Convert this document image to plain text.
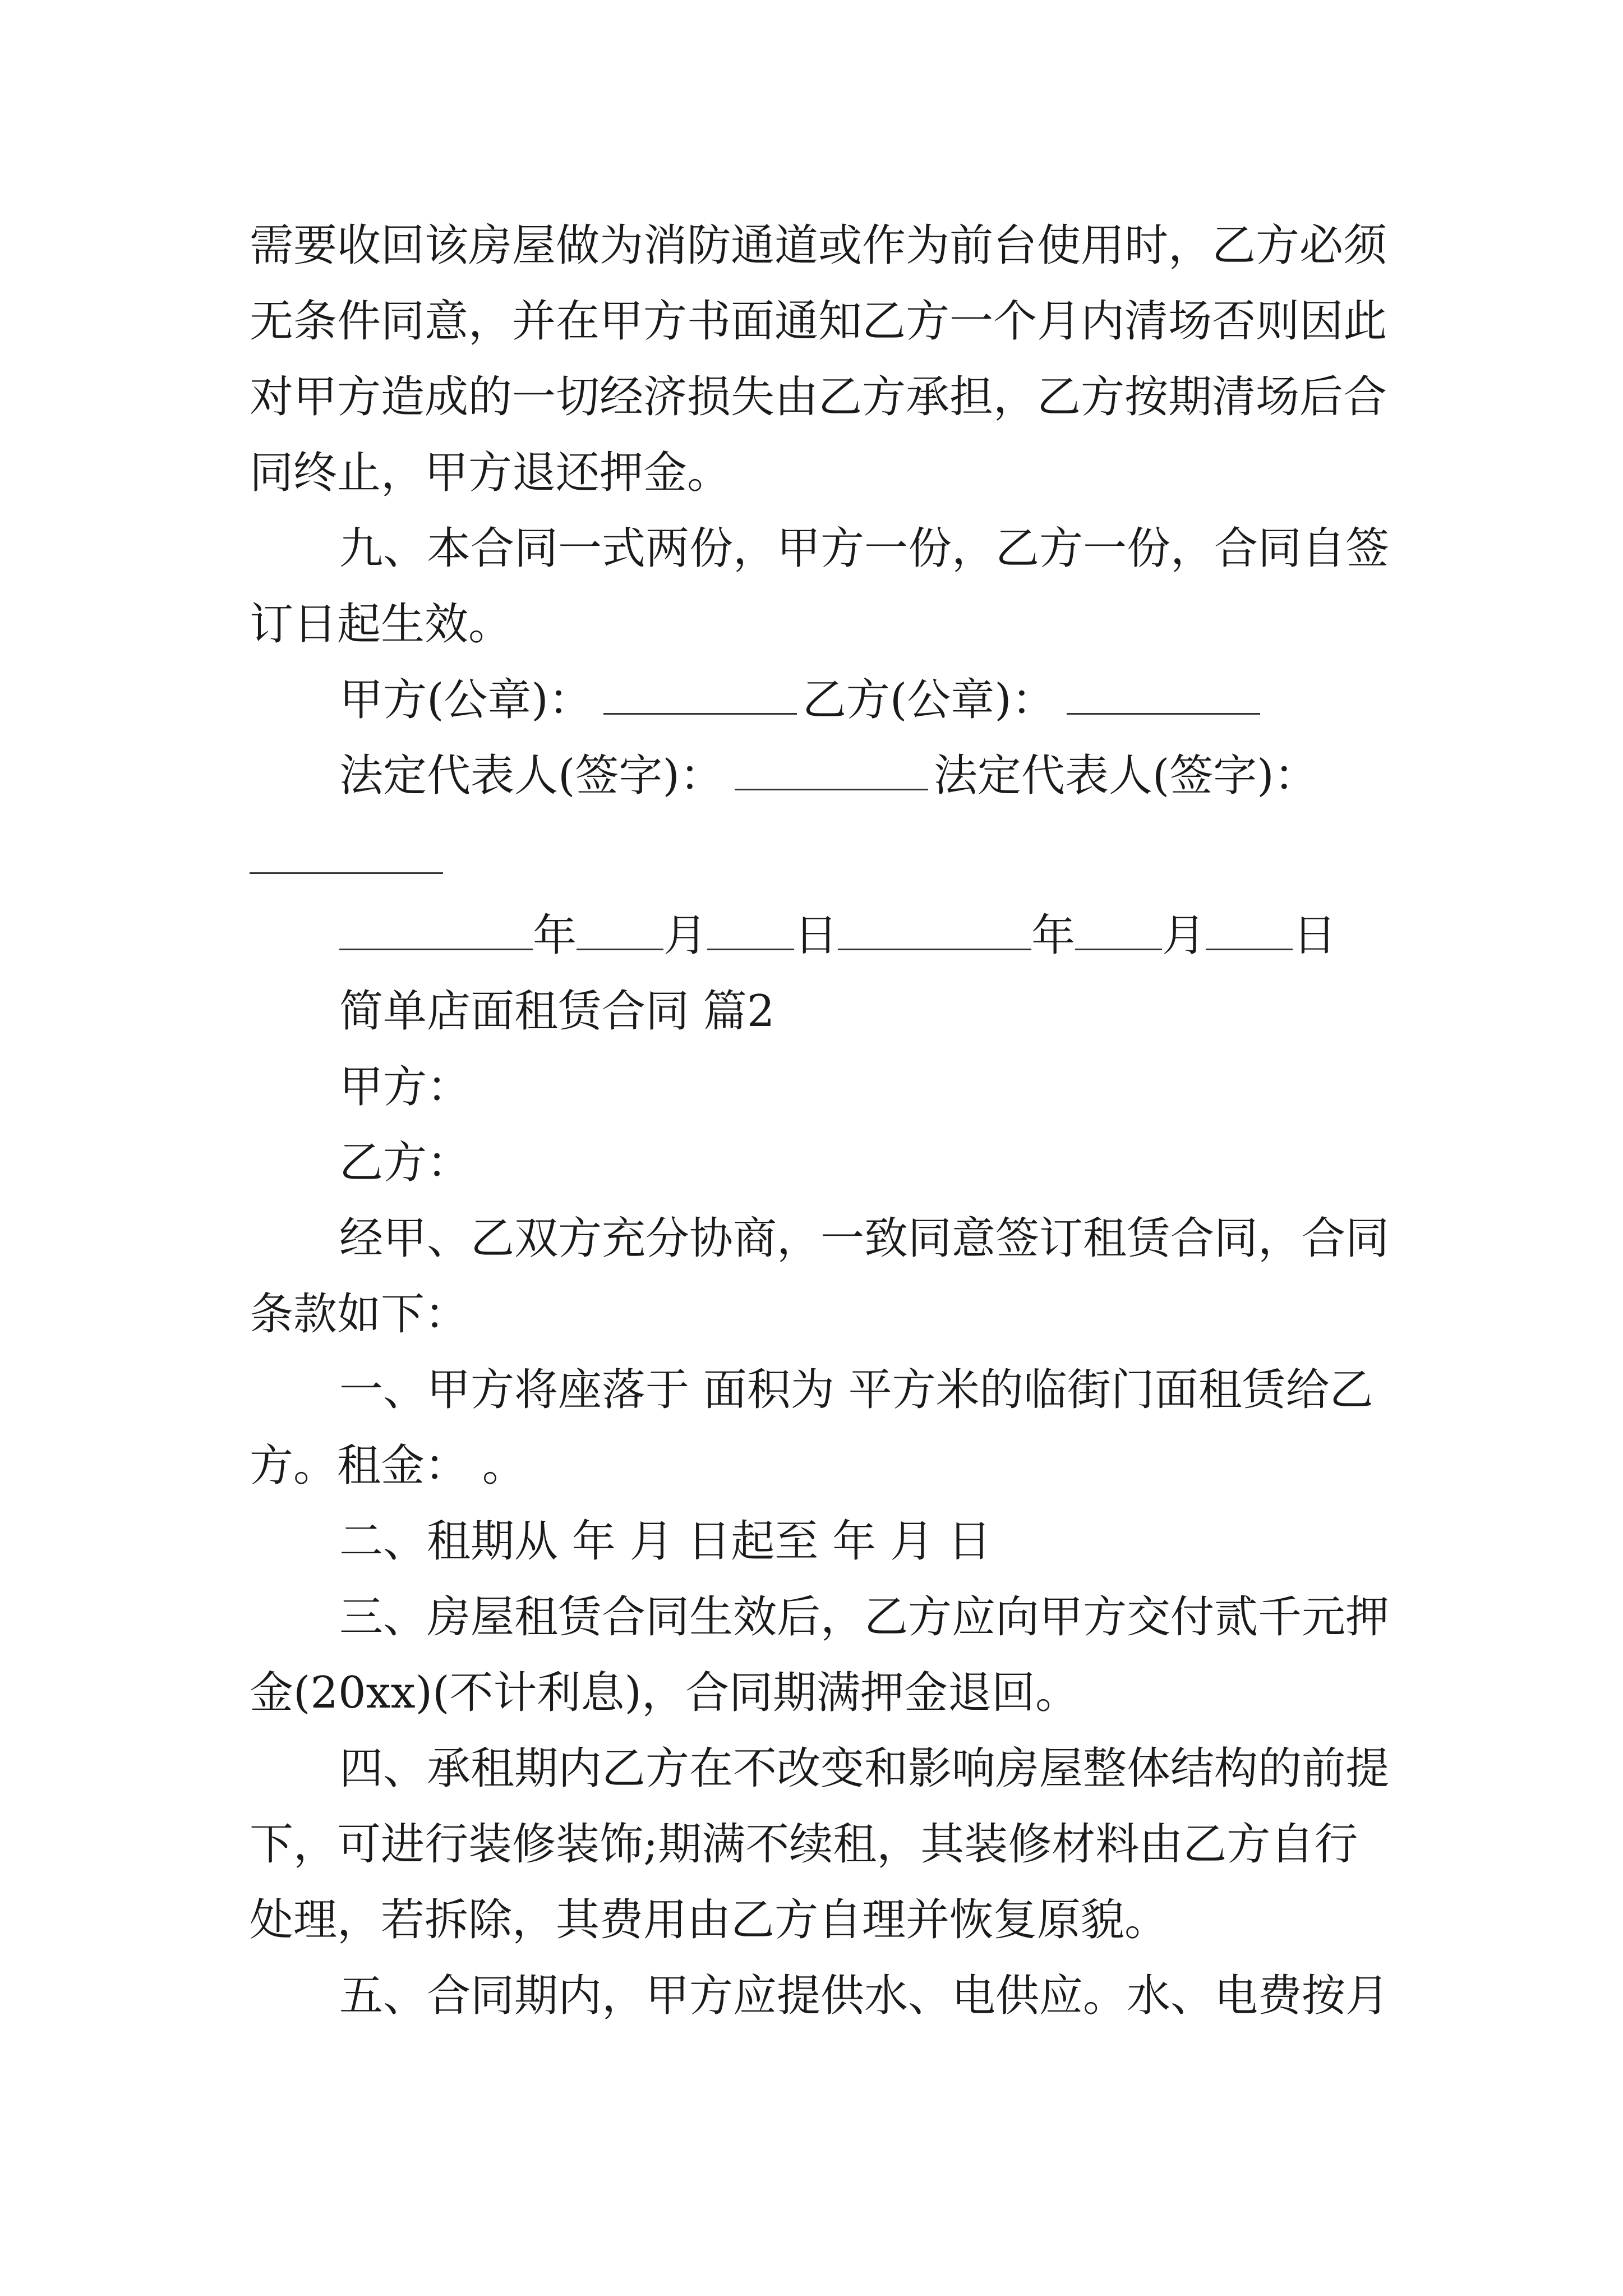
需要收回该房屋做为消防通道或作为前台使用时，乙方必须
无条件同意，并在甲方书面通知乙方一个月内清场否则因此
对甲方造成的一切经济损失由乙方承担，乙方按期清场后合
同终止，甲方退还押金。
九、本合同一式两份，甲方一份，乙方一份，合同自签
订日起生效。
甲方(公章)：	乙方(公章)：
法定代表人(签字)：	法定代表人(签字)：
年 月 日	年 月 日
简单店面租赁合同 篇2
甲方：
乙方：
经甲、乙双方充分协商，一致同意签订租赁合同，合同
条款如下：
一、甲方将座落于 面积为 平方米的临街门面租赁给乙
方。租金： 。
二、租期从 年 月 日起至 年 月 日
三、房屋租赁合同生效后，乙方应向甲方交付贰千元押
金(20xx)(不计利息)，合同期满押金退回。
四、承租期内乙方在不改变和影响房屋整体结构的前提
下，可进行装修装饰;期满不续租，其装修材料由乙方自行
处理，若拆除，其费用由乙方自理并恢复原貌。
五、合同期内，甲方应提供水、电供应。水、电费按月
